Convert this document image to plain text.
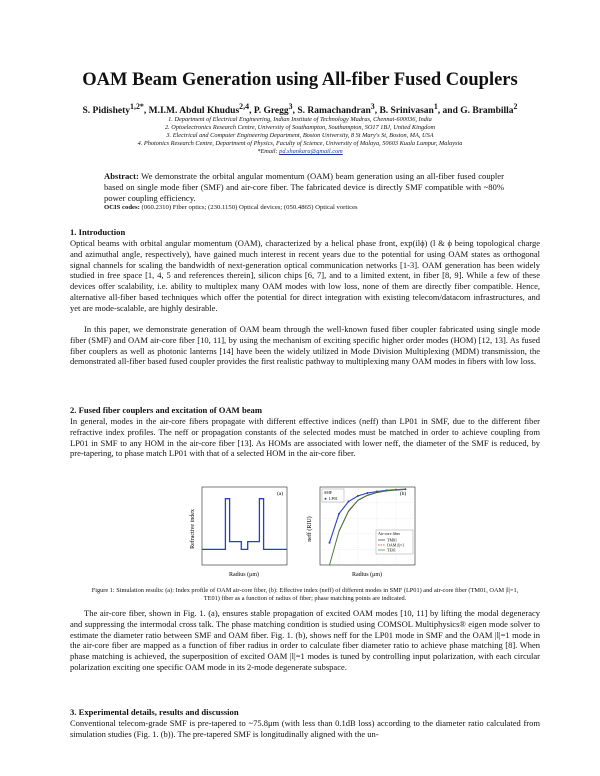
OAM Beam Generation using All-fiber Fused Couplers
S. Pidishety$^{1,2*}$, M.I.M. Abdul Khudus$^{2,4}$, P. Gregg$^3$, S. Ramachandran$^3$, B. Srinivasan$^1$, and G. Brambilla$^2$
1. Department of Electrical Engineering, Indian Institute of Technology Madras, Chennai-600036, India
2. Optoelectronics Research Centre, University of Southampton, Southampton, SO17 1BJ, United Kingdom
3. Electrical and Computer Engineering Department, Boston University, 8 St Mary's St, Boston, MA, USA
4. Photonics Research Centre, Department of Physics, Faculty of Science, University of Malaya, 50603 Kuala Lumpur, Malaysia
*Email: pd.shankara@gmail.com
Abstract: We demonstrate the orbital angular momentum (OAM) beam generation using an all-fiber fused coupler based on single mode fiber (SMF) and air-core fiber. The fabricated device is directly SMF compatible with ~80% power coupling efficiency.
OCIS codes: (060.2310) Fiber optics; (230.1150) Optical devices; (050.4865) Optical vortices
1. Introduction
Optical beams with orbital angular momentum (OAM), characterized by a helical phase front, exp(ilϕ) (l & ϕ being topological charge and azimuthal angle, respectively), have gained much interest in recent years due to the potential for using OAM states as orthogonal signal channels for scaling the bandwidth of next-generation optical communication networks [1-3]. OAM generation has been widely studied in free space [1, 4, 5 and references therein], silicon chips [6, 7], and to a limited extent, in fiber [8, 9]. While a few of these devices offer scalability, i.e. ability to multiplex many OAM modes with low loss, none of them are directly fiber compatible. Hence, alternative all-fiber based techniques which offer the potential for direct integration with existing telecom/datacom infrastructures, and yet are mode-scalable, are highly desirable.
In this paper, we demonstrate generation of OAM beam through the well-known fused fiber coupler fabricated using single mode fiber (SMF) and OAM air-core fiber [10, 11], by using the mechanism of exciting specific higher order modes (HOM) [12, 13]. As fused fiber couplers as well as photonic lanterns [14] have been the widely utilized in Mode Division Multiplexing (MDM) transmission, the demonstrated all-fiber based fused coupler provides the first realistic pathway to multiplexing many OAM modes in fibers with low loss.
2. Fused fiber couplers and excitation of OAM beam
In general, modes in the air-core fibers propagate with different effective indices (neff) than LP01 in SMF, due to the different fiber refractive index profiles. The neff or propagation constants of the selected modes must be matched in order to achieve coupling from LP01 in SMF to any HOM in the air-core fiber [13]. As HOMs are associated with lower neff, the diameter of the SMF is reduced, by pre-tapering, to phase match LP01 with that of a selected HOM in the air-core fiber.
Refractive index
Radius (μm)
(a)
neff (RIU)
Radius (μm)
(b)
SMF
LP01
Air-core fiber
TM01
OAM |l|=1
TE01
Figure 1: Simulation results: (a): Index profile of OAM air-core fiber, (b): Effective index (neff) of different modes in SMF (LP01) and air-core fiber (TM01, OAM |l|=1, TE01) fiber as a function of radius of fiber; phase matching points are indicated.
The air-core fiber, shown in Fig. 1. (a), ensures stable propagation of excited OAM modes [10, 11] by lifting the modal degeneracy and suppressing the intermodal cross talk. The phase matching condition is studied using COMSOL Multiphysics® eigen mode solver to estimate the diameter ratio between SMF and OAM fiber. Fig. 1. (b), shows neff for the LP01 mode in SMF and the OAM |l|=1 mode in the air-core fiber are mapped as a function of fiber radius in order to calculate fiber diameter ratio to achieve phase matching [8]. When phase matching is achieved, the superposition of excited OAM |l|=1 modes is tuned by controlling input polarization, with each circular polarization exciting one specific OAM mode in its 2-mode degenerate subspace.
3. Experimental details, results and discussion
Conventional telecom-grade SMF is pre-tapered to ~75.8μm (with less than 0.1dB loss) according to the diameter ratio calculated from simulation studies (Fig. 1. (b)). The pre-tapered SMF is longitudinally aligned with the un-
